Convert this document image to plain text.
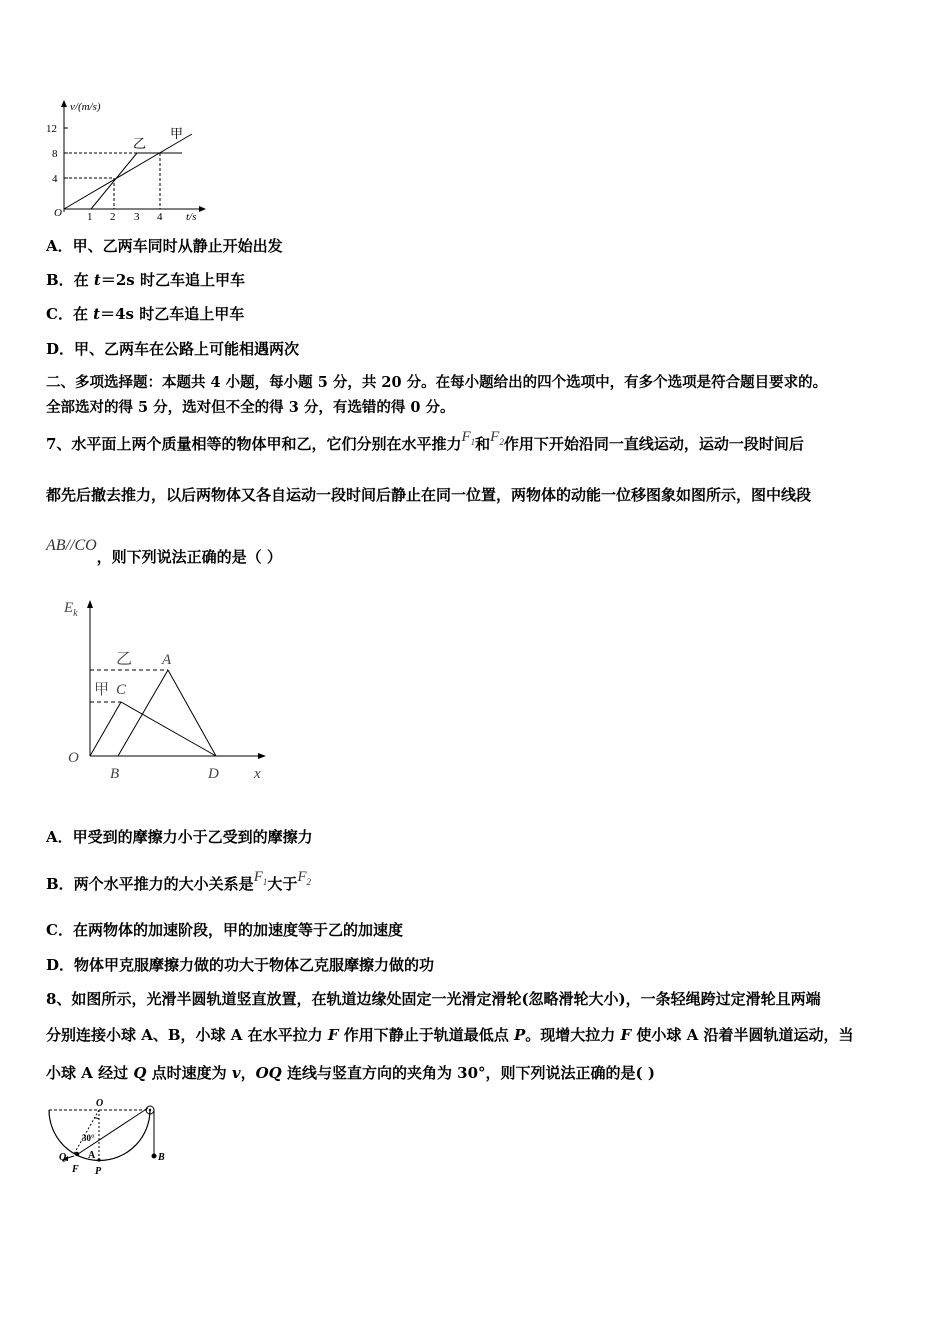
v/(m/s)
12
8
4
O 1 2 3 4 t/s
乙
甲
A．甲、乙两车同时从静止开始出发
B．在 t＝2s 时乙车追上甲车
C．在 t＝4s 时乙车追上甲车
D．甲、乙两车在公路上可能相遇两次
二、多项选择题：本题共 4 小题，每小题 5 分，共 20 分。在每小题给出的四个选项中，有多个选项是符合题目要求的。
全部选对的得 5 分，选对但不全的得 3 分，有选错的得 0 分。
7、水平面上两个质量相等的物体甲和乙，它们分别在水平推力$F_1$和$F_2$作用下开始沿同一直线运动，运动一段时间后
都先后撤去推力，以后两物体又各自运动一段时间后静止在同一位置，两物体的动能一位移图象如图所示，图中线段
AB//CO，则下列说法正确的是（ ）
$E_k$
O
x
乙
甲
A
C
B	D
A．甲受到的摩擦力小于乙受到的摩擦力
B．两个水平推力的大小关系是$F_1$大于$F_2$
C．在两物体的加速阶段，甲的加速度等于乙的加速度
D．物体甲克服摩擦力做的功大于物体乙克服摩擦力做的功
8、如图所示，光滑半圆轨道竖直放置，在轨道边缘处固定一光滑定滑轮(忽略滑轮大小)，一条轻绳跨过定滑轮且两端
分别连接小球 A、B，小球 A 在水平拉力 F 作用下静止于轨道最低点 P。现增大拉力 F 使小球 A 沿着半圆轨道运动，当
小球 A 经过 Q 点时速度为 v，OQ 连线与竖直方向的夹角为 30°，则下列说法正确的是( )
O
30°
Q A
F P
B
